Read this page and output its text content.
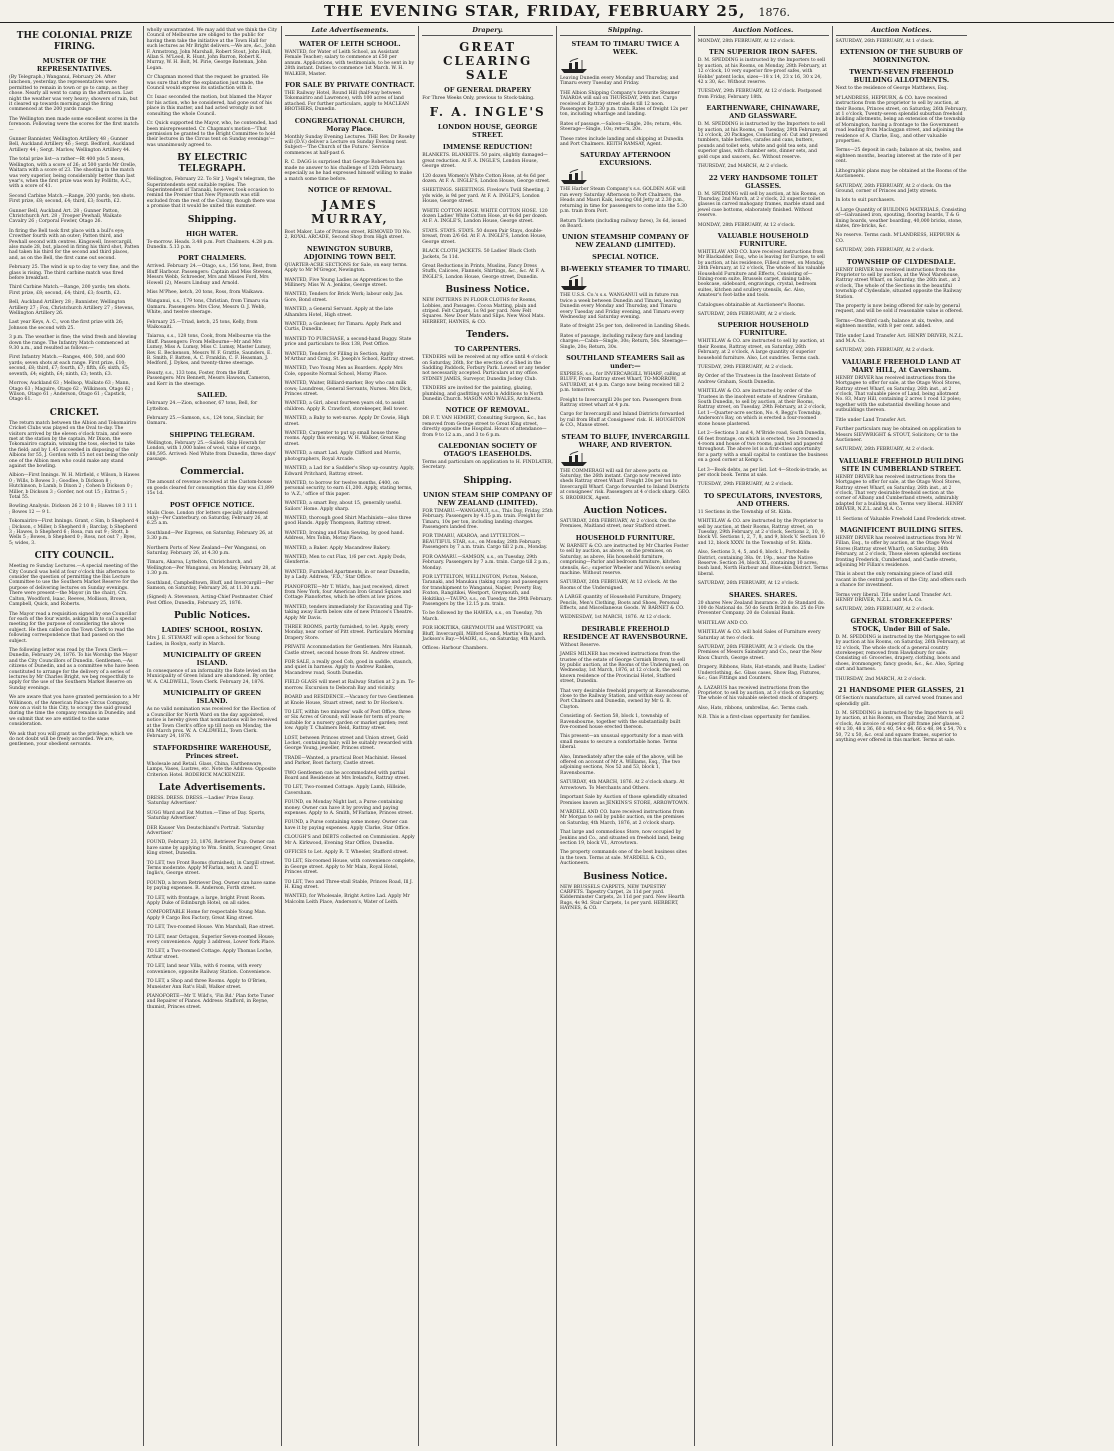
THE EVENING STAR, FRIDAY, FEBRUARY 25, 1876.
THE COLONIAL PRIZE FIRING.
MUSTER OF THE REPRESENTATIVES.
(By Telegraph.) Wanganui, February 24. After luncheon, yesterday, the representatives were permitted to remain in town or go to camp, as they chose. Nearly all went to camp in the afternoon. Last night the weather was very heavy; showers of rain, but it cleared up towards morning and the firing commenced at the 200 yards range.
The Wellington men made some excellent scores in the forenoon. Following were the scores for the first match:—
Gunner Bannister, Wellington Artillery 48 ; Gunner Bell, Auckland Artillery 46 ; Sergt. Bedford, Auckland Artillery 44 ; Sergt. Marlow, Wellington Artillery 44.
The total prize list—a rather—Rt 400 yds 5 moon, Wellington, with a score of 26; at 500 yards Mr Orelle, Waitara with a score of 23. The shooting in the match was very superior, being considerably better than last year's, when the first prize was won by Pollitts, A.C., with a score of 41.
Second Carbine Match.—Range, 200 yards; ten shots. First prize, £8; second, £4; third, £3; fourth, £2.
Gunner Bell, Auckland Art. 28 ; Gunner Patton, Christchurch Art. 28 ; Trooper Pewhall, Waikato Cavalry 26 ; Corporal Fowler, Otago 26.
In firing the Bell took first place with a bull's eye; Crowther fourth with an outer; Patten third, and Pewhall second with centres. Kingswell, Invercargill, also made 28, but, placed in firing his third shot, Patten had taken his third for the second and third places, and, as on the Bell, the first came out second.
February 25. The wind is up to day to very fine, and the glass is rising. The third carbine match was fired before breakfast.
Third Carbine Match.—Range, 200 yards; ten shots. First prize, £8; second, £4; third, £3; fourth, £2.
Bell, Auckland Artillery 28 ; Bannister, Wellington Artillery 27 ; Fox, Christchurch Artillery 27 ; Stevens, Wellington Artillery 26.
Last year Keys, A. C., won the first prize with 26; Johnson the second with 25.
3 p.m. The weather is fine; the wind fresh and blowing down the range. The Infantry Match commenced at 9.30 a.m., and resulted as follows:—
First Infantry Match.—Ranges, 400, 500, and 600 yards; seven shots at each range. First prize, £10; second, £8; third, £7; fourth, £7; fifth, £6; sixth, £5; seventh, £4; eighth, £4; ninth, £3; tenth, £3.
Morrow, Auckland 63 ; Mellsop, Waikato 63 ; Mann, Otago 63 ; Maguire, Otago 62 ; Wilkinson, Otago 62 ; Wilson, Otago 61 ; Anderson, Otago 61 ; Capstick, Otago 61.
CRICKET.
The return match between the Albion and Tokomairiro Cricket Clubs was played on the Oval to-day. The visitors arrived by the eleven o'clock train, and were met at the station by the captain, Mr Dixon, the Tokomairiro captain, winning the toss, elected to take the field; and by 1.45 succeeded in disposing of the Albions for 55, J. Gordon with 15 not out being the only one of the Albion men who could make any stand against the bowling.
Albion—First Innings. W. H. Mirfield, c Wilson, b Hawes 0 ; Wills, b Bowes 3 ; Goodlee, b Dickson 8 ; Hutchinson, b Lamb, b Dixon 2 ; Cohen b Dickson 0 ; Miller, b Dickson 3 ; Gorder, not out 15 ; Extras 5 ; Total 55.
Bowling Analysis. Dickson 26 2 10 8 ; Hawes 18 3 11 1 ; Bowes 12 — 9 1.
Tokomairiro—First Innings. Grant, c Sim, b Shepherd 4 ; Dickson, c Miller, b Shepherd 8 ; Barclay, b Shepherd 3 ; Hawes, b Shepherd 6 ; Rosa, run out 9 ; Stott, b Wells 5 ; Bowes, b Shepherd 0 ; Ross, not out 7 ; Byes, 5; wides, 3.
CITY COUNCIL.
Meeting re Sunday Lectures.—A special meeting of the City Council was held at four o'clock this afternoon to consider the question of permitting the Ibis Lecture Committee to use the Southern Market Reserve for the purpose of delivering lectures on Sunday evenings. There were present—the Mayor (in the chair), Crs. Calton, Woodford, Isaac, Reeves, Mollison, Brown, Campbell, Quick, and Roberts.
The Mayor read a requisition signed by one Councillor for each of the four wards, asking him to call a special meeting for the purpose of considering the above subject. He then called on the Town Clerk to read the following correspondence that had passed on the subject.
The following letter was read by the Town Clerk:— Dunedin, February 24, 1876. To his Worship the Mayor and the City Councillors of Dunedin. Gentlemen,—As citizens of Dunedin, and as a committee who have been constituted to arrange for the delivery of a series of lectures by Mr Charles Bright, we beg respectfully to apply for the use of the Southern Market Reserve on Sunday evenings.
We are aware that you have granted permission to a Mr Wilkinson, of the American Palace Circus Company, now on a visit to this City, to occupy the said ground during the time the company remains in Dunedin; and we submit that we are entitled to the same consideration.
We ask that you will grant us the privilege, which we do not doubt will be freely accorded. We are, gentlemen, your obedient servants.
wholly unwarranted. We may add that we think the City Council of Melbourne are obliged to the public for having them take the initiative at the Town Hall for such lectures as Mr Bright delivers.—We are, &c., John F. Armstrong, John Marshall, Robert Stout, John Hull, Allan S. M'Leod, R. Hunt, John Barron, Robert K. Murray, W. H. Bolt, M. Pirie, George Bateman, John Logan.
Cr Chapman moved that the request be granted. He was sure that after the explanation just made, the Council would express its satisfaction with it.
Cr. Isaac seconded the motion, but blamed the Mayor for his action, who he considered, had gone out of his place in this matter, and had acted wrongly in not consulting the whole Council.
Cr. Quick supported the Mayor, who, he contended, had been misrepresented. Cr. Chapman's motion—'That permission be granted to the Bright Committee to hold their lectures in the Circus tent on Sunday evenings'—was unanimously agreed to.
BY ELECTRIC TELEGRAPH.
Wellington, February 22. To Sir J. Vogel's telegram, the Superintendents sent suitable replies. The Superintendent of Taranaki, however, took occasion to remind the Premier that New Plymouth was still excluded from the rest of the Colony, though there was a promise that it would be united this summer.
Shipping.
HIGH WATER.
To-morrow. Heads. 3.48 p.m. Port Chalmers. 4.28 p.m. Dunedin. 5.13 p.m.
PORT CHALMERS.
Arrived. February 24.—Otago, s.s., 156 tons, Best, from Bluff Harbour. Passengers: Captain and Miss Stevens, Messrs Webb, Schroeder, Mrs and Misses Ford, Mrs Howell (2), Messrs Lindsay and Arnold.
Miss M'Phee, ketch, 20 tons, Ross, from Waikawa.
Wanganui, s.s., 179 tons, Christian, from Timaru via Oamaru. Passengers: Mrs Clow, Messrs O. J. Webb, White, and twelve steerage.
February 25.—Triad, ketch, 25 tons, Kelly, from Waikouaiti.
Taiaroa, s.s., 128 tons, Cook, from Melbourne via the Bluff. Passengers: From Melbourne—Mr and Mrs Lumsy, Miss A. Lumsy, Miss C. Lumsy, Master Lumsy, Rev. E. Beckenson, Messrs W. F. Grattle, Saunders, E. B. Smith, F. Batten, A. C. Franklin, C. F. Heasman, J. Medford, J. Dykes, and twenty-three steerage.
Beauty, s.s., 133 tons, Foster, from the Bluff. Passengers: Mrs Bennett, Messrs Hawson, Cameron, and Kerr in the steerage.
SAILED.
February 24.—Zion, schooner, 67 tons, Bell, for Lyttelton.
February 25.—Samson, s.s., 124 tons, Sinclair, for Oamaru.
SHIPPING TELEGRAM.
Wellington, February 25.—Sailed: Ship Howrah for London, with 1,000 bales of wool, value of cargo, £88,595. Arrived: Ned White from Dunedin, three days' passage.
Commercial.
The amount of revenue received at the Custom-house on goods cleared for consumption this day was £1,899 15s 1d.
POST OFFICE NOTICE.
Mails Close. London (for letters specially addressed only)—Per Canterbury, on Saturday, February 26, at 6.25 a.m.
Southland—Per Express, on Saturday, February 26, at 3.30 p.m.
Northern Ports of New Zealand—Per Wanganui, on Saturday, February 26, at 4.30 p.m.
Timaru, Akaroa, Lyttelton, Christchurch, and Wellington—Per Wanganui, on Monday, February 28, at 1.30 p.m.
Southland, Campbelltown, Bluff, and Invercargill—Per Samson, on Saturday, February 26, at 11.30 a.m.
(Signed) A. Stevenson, Acting-Chief Postmaster. Chief Post Office, Dunedin, February 25, 1876.
Public Notices.
LADIES' SCHOOL, ROSLYN.
Mrs J. E. STEWART will open a School for Young Ladies, in Roslyn, early in March.
MUNICIPALITY OF GREEN ISLAND.
In consequence of an informality the Rate levied on the Municipality of Green Island are abandoned. By order, W. A. CALDWELL, Town Clerk. February 24, 1876.
MUNICIPALITY OF GREEN ISLAND.
As no valid nomination was received for the Election of a Councillor for North Ward on the day appointed, notice is hereby given that nominations will be received at the Town Clerk's office up till noon on Monday, the 6th March prox. W. A. CALDWELL, Town Clerk. February 24, 1876.
STAFFORDSHIRE WAREHOUSE, Princes street.
Wholesale and Retail. Glass, China, Earthenware, Lamps, Vases, Lustres, etc. Note the Address: Opposite Criterion Hotel. RODERICK MACKENZIE.
Late Advertisements.
DRESS. DRESS. DRESS.—Ladies' Prize Essay. 'Saturday Advertiser.'
SUGG Ward and Fat Mutton.—Time of Day. Sports, 'Saturday Advertiser.'
DER Kauser Von Deutschland's Portrait. 'Saturday Advertiser.'
FOUND, February 23, 1876, Retriever Pup. Owner can have same by applying to Wm. Smith, Scavenger, Great King street, Dunedin.
TO LET, two Front Rooms (furnished), in Cargill street. Terms moderate. Apply M'Farlan, next A. and T. Inglis's, George street.
FOUND, a brown Retriever Dog. Owner can have same by paying expenses. R. Anderson, Forth street.
TO LET, with frontage, a large, bright Front Room. Apply Duke of Edinburgh Hotel, on all sides.
COMFORTABLE Home for respectable Young Man. Apply 9 Cargo Box Factory, Great King street.
TO LET, Two-roomed House. Wm Marshall, Rae street.
TO LET, near Octagon, Superior Seven-roomed House; every convenience. Apply 3 address, Lower York Place.
TO LET, a Two-roomed Cottage. Apply Thomas Loche, Arthur street.
TO LET, land near Villa, with 6 rooms, with every convenience, opposite Railway Station. Convenience.
TO LET, a Shop and three Rooms. Apply to O'Brien, Muneister Ann Rat's Hall, Walker street.
PIANOFORTE—Mr T. Wild's, 'Fin Rd.' Plan forte Tuner and Repairer of Pianos. Address: Stafford, in Reyne, thumist, Princes street.
Late Advertisements.
WATER OF LEITH SCHOOL.
WANTED, for Water of Leith School, an Assistant Female Teacher; salary to commence at £50 per annum. Applications, with testimonials, to be sent in by 28th instant. Duties to commence 1st March. W. H. WALKER, Master.
FOR SALE BY PRIVATE CONTRACT.
THE Railway Hotel, Round Hill (half-way between Tokomairiro and Lawrence), with 100 acres of land attached. For further particulars, apply to MACLEAN BROTHERS, Dunedin.
CONGREGATIONAL CHURCH, Moray Place.
Monthly Sunday Evening Lectures. THE Rev. Dr Roseby will (D.V.) deliver a Lecture on Sunday Evening next. Subject—'The Church of the Future.' Service commences at half-past 6.
R. C. DAGG is surprised that George Robertson has made no answer to his challenge of 12th February, especially as he had expressed himself willing to make a match some time before.
NOTICE OF REMOVAL.
JAMES MURRAY,
Boot Maker, Late of Princes street, REMOVED TO No. 2, ROYAL ARCADE, Second Shop from High street.
NEWINGTON SUBURB, ADJOINING TOWN BELT.
QUARTER-ACRE SECTIONS for Sale, on easy terms. Apply to Mr M'Gregor, Newington.
WANTED, Five Young Ladies as Apprentices to the Millinery. Miss W. A. Jenkins, George street.
WANTED, Tenders for Brick Work; labour only. Jas. Gore, Bond street.
WANTED, a General Servant. Apply at the late Alhambra Hotel, High street.
WANTED, a Gardener, for Timaru. Apply Park and Curtis, Dunedin.
WANTED TO PURCHASE, a second-hand Buggy. State price and particulars to Box 138, Post Office.
WANTED, Tenders for Filling in Section. Apply M'Arthur and Craig, St. Joseph's School, Rattray street.
WANTED, Two Young Men as Boarders. Apply Mrs Cole, opposite Normal School, Moray Place.
WANTED, Waiter, Billiard-marker, Boy who can milk cows; Laundress, General Servants, Nurses. Mrs Dick, Princes street.
WANTED, a Girl, about fourteen years old, to assist children. Apply R. Crawford, storekeeper, Bell tower.
WANTED, a Baby to wet-nurse. Apply Dr Cowie, High street.
WANTED, Carpenter to put up small house three rooms. Apply this evening. W. H. Walker, Great King street.
WANTED, a smart Lad. Apply Clifford and Morris, photographers, Royal Arcade.
WANTED, a Lad for a Saddler's Shop up-country. Apply, Edward Pritchard, Rattray street.
WANTED, to borrow for twelve months, £400, on personal security, to earn £1,200. Apply, stating terms, to 'A.Z.,' office of this paper.
WANTED, a smart Boy, about 15, generally useful. Sailors' Home. Apply sharp.
WANTED, thorough good Shirt Machinists—also three good Hands. Apply Thompson, Rattray street.
WANTED, Ironing and Plain Sewing, by good hand. Address, Mrs Tobin, Moray Place.
WANTED, a Baker. Apply Macandrew Bakery.
WANTED, Men to cut Flax, 1/6 per cwt. Apply Dods, Glenferrie.
WANTED, Furnished Apartments, in or near Dunedin, by a Lady. Address, 'F.D.,' Star Office.
PIANOFORTE—Mr T. Wild's, has just received, direct from New York, four American Iron Grand Square and Cottage Pianofortes, which he offers at low prices.
WANTED, tenders immediately for Excavating and Tip-taking away Earth below site of new Princes's Theatre. Apply Mr Davis.
THREE ROOMS, partly furnished, to let. Apply, every Monday, near corner of Pitt street. Particulars Morning Drapery Store.
PRIVATE Accommodation for Gentlemen. Mrs Hannah, Castle street, second house from St. Andrew street.
FOR SALE, a really good Cob, good in saddle, staunch, and quiet in harness. Apply to Andrew Ranken, Macandrew road, South Dunedin.
FIELD GLASS will meet at Railway Station at 2 p.m. To-morrow. Excursion to Deborah Bay and vicinity.
BOARD and RESIDENCE.—Vacancy for two Gentlemen at Knole House, Stuart street, next to Dr Hocken's.
TO LET, within two minutes' walk of Post Office, three or Six Acres of Ground; will lease for term of years; suitable for a nursery garden or market garden; rent low. Apply T. Chalmers Reid, Rattray street.
LOST, between Princes street and Union street, Gold Locket, containing hair; will be suitably rewarded with George Young, jeweller, Princes street.
TRADE—Wanted, a practical Boot Machinist. Hessel and Parker, Boot factory, Castle street.
TWO Gentlemen can be accommodated with partial Board and Residence at Mrs Ireland's, Rattray street.
TO LET, Two-roomed Cottage. Apply Lamb, Hillside, Caversham.
FOUND, on Monday Night last, a Purse containing money. Owner can have it by proving and paying expenses. Apply to A. Smith, M'Farlane, Princes street.
FOUND, a Purse containing some money. Owner can have it by paying expenses. Apply Clarke, Star Office.
CLOUGH'S and DEBTS collected on Commission. Apply Mr A. Kirkwood, Evening Star Office, Dunedin.
OFFICES to Let. Apply R. T. Wheeler, Stafford street.
TO LET, Six-roomed House, with convenience complete, in George street. Apply to Mr Main, Royal Hotel, Princes street.
TO LET, Two and Three-stall Stable, Princes Road, Ill J. H. King street.
WANTED, for Wholesale, Bright Active Lad. Apply Mr Malcolm Leith Place, Anderson's, Water of Leith.
Drapery.
GREAT CLEARING SALE
OF GENERAL DRAPERY
For Three Weeks Only, previous to Stock-taking.
F. A. INGLE'S
LONDON HOUSE, GEORGE STREET.
IMMENSE REDUCTION!
BLANKETS. BLANKETS. 50 pairs, slightly damaged—great reduction. At F. A. INGLE'S, London House, George street.
120 dozen Women's White Cotton Hose, at 4s 6d per dozen. At F. A. INGLE'S, London House, George street.
SHEETINGS. SHEETINGS. Fivelow's Twill Sheeting, 2 yds wide, is 9d per yard. At F. A. INGLE'S, London House, George street.
WHITE COTTON HOSE. WHITE COTTON HOSE. 120 dozen Ladies' White Cotton Hose, at 4s 6d per dozen. At F. A. INGLE'S, London House, George street.
STAYS. STAYS. STAYS. 50 dozen Pair Stays, double-breast, from 2/6 6d. At F. A. INGLE'S, London House, George street.
BLACK CLOTH JACKETS. 50 Ladies' Black Cloth Jackets, 5s 11d.
Great Reductions in Prints, Muslins, Fancy Dress Stuffs, Calicoes, Flannels, Shirtings, &c., &c. At F. A. INGLE'S, London House, George street, Dunedin.
Business Notice.
NEW PATTERNS IN FLOOR CLOTHS for Rooms, Lobbies, and Passages. Cocoa Matting, plain and striped. Felt Carpets, 1s 9d per yard. New Felt Squares. New Door Mats and Slips. New Wool Mats. HERBERT, HAYNES, & CO.
Tenders.
TO CARPENTERS.
TENDERS will be received at my office until 4 o'clock on Saturday, 26th, for the erection of a Shed in the Saddling Paddock, Forbury Park. Lowest or any tender not necessarily accepted. Particulars at my office. SYDNEY JAMES, Surveyor, Dunedin Jockey Club.
TENDERS are invited for the painting, glazing, plumbing, and gasfitting work in Additions to North Dunedin Church. MASON AND WALES, Architects.
NOTICE OF REMOVAL.
DR F. T. VAN HEMERT, Consulting Surgeon, &c., has removed from George street to Great King street, directly opposite the Hospital. Hours of attendance—from 9 to 12 a.m., and 3 to 6 p.m.
CALEDONIAN SOCIETY OF OTAGO'S LEASEHOLDS.
Terms and particulars on application to H. FINDLATER, Secretary.
Shipping.
UNION STEAM SHIP COMPANY OF NEW ZEALAND (LIMITED).
FOR TIMARU.—WANGANUI, s.s., This Day, Friday, 25th February. Passengers by 4.15 p.m. train. Freight for Timaru, 10s per ton, including landing charges. Passengers landed free.
FOR TIMARU, AKAROA, and LYTTELTON.—BEAUTIFUL STAR, s.s., on Monday, 28th February. Passengers by 7 a.m. train. Cargo till 2 p.m., Monday.
FOR OAMARU.—SAMSON, s.s., on Tuesday, 29th February. Passengers by 7 a.m. train. Cargo till 2 p.m., Monday.
FOR LYTTELTON, WELLINGTON, Picton, Nelson, Taranaki, and Manukau (taking cargo and passengers for transhipment to Wanganui, Napier, Poverty Bay, Foxton, Rangitikei, Westport, Greymouth, and Hokitika).—TAUPO, s.s., on Tuesday, the 29th February. Passengers by the 12.15 p.m. train.
To be followed by the HAWEA, s.s., on Tuesday, 7th March.
FOR HOKITIKA, GREYMOUTH and WESTPORT, via Bluff, Invercargill, Milford Sound, Martin's Bay, and Jackson's Bay.—MAORI, s.s., on Saturday, 4th March.
Offices: Harbour Chambers.
Shipping.
STEAM TO TIMARU TWICE A WEEK.
Leaving Dunedin every Monday and Thursday, and Timaru every Tuesday and Friday.
THE Albion Shipping Company's favourite Steamer TAIAROA will sail on THURSDAY, 24th inst. Cargo received at Rattray street sheds till 12 noon. Passengers by 3.30 p.m. train. Rates of freight 12s per ton, including wharfage and landing.
Rates of passage.—Saloon—Single, 20s; return, 40s. Steerage—Single, 10s; return, 20s.
These rates include landing and shipping at Dunedin and Port Chalmers. KEITH RAMSAY, Agent.
SATURDAY AFTERNOON EXCURSIONS.
THE Harbor Steam Company's s.s. GOLDEN AGE will run every Saturday Afternoon to Port Chalmers, the Heads and Maori Kaik, leaving Old Jetty at 2.30 p.m., returning in time for passengers to come into the 5.30 p.m. train from Port.
Return Tickets (including railway fares), 3s 6d, issued on Board.
UNION STEAMSHIP COMPANY OF NEW ZEALAND (LIMITED).
SPECIAL NOTICE.
BI-WEEKLY STEAMER TO TIMARU.
THE U.S.S. Co.'s s.s. WANGANUI will in future run twice a week between Dunedin and Timaru, leaving Dunedin every Monday and Thursday, and Timaru every Tuesday and Friday evening, and Timaru every Wednesday and Saturday evening.
Rate of freight 25s per ton, delivered in Landing Sheds.
Rates of passage, including railway fare and landing charges:—Cabin—Single, 30s; Return, 50s. Steerage—Single, 20s; Return, 30s.
SOUTHLAND STEAMERS Sail as under:—
EXPRESS, s.s., for INVERCARGILL WHARF, calling at BLUFF, From Rattray street Wharf, TO-MORROW, SATURDAY, at 4 p.m. Cargo now being received till 2 p.m. tomorrow.
Freight to Invercargill 20s per ton. Passengers from Rattray street wharf at 4 p.m.
Cargo for Invercargill and Inland Districts forwarded by rail from Bluff at Consignees' risk. H. HOUGHTON & CO., Manse street.
STEAM TO BLUFF, INVERCARGILL WHARF, AND RIVERTON.
THE COMMERAGI will sail for above ports on Saturday, the 26th instant. Cargo now received into sheds Rattray street Wharf. Freight 20s per ton to Invercargill Wharf. Cargo forwarded to Inland Districts at consignees' risk. Passengers at 4 o'clock sharp. GEO. S. BRODRICK, Agent.
Auction Notices.
SATURDAY, 26th FEBRUARY, At 2 o'clock. On the Premises, Maitland street, near Stafford street.
HOUSEHOLD FURNITURE.
W. BARNET & CO. are instructed by Mr Charles Foster to sell by auction, as above, on the premises, on Saturday, as above, His household furniture, comprising—Parlor and bedroom furniture, kitchen utensils, &c.; superior Wheeler and Wilson's sewing machine. Without reserve.
SATURDAY, 26th FEBRUARY, At 12 o'clock. At the Rooms of the Undersigned.
A LARGE quantity of Household Furniture, Drapery, Pencils, Men's Clothing, Boots and Shoes, Personal Effects, and Miscellaneous Goods. W. BARNET & CO.
WEDNESDAY, 1st MARCH, 1876. At 12 o'clock.
DESIRABLE FREEHOLD RESIDENCE AT RAVENSBOURNE.
Without Reserve.
JAMES MILNER has received instructions from the trustee of the estate of George Cornish Brown, to sell by public auction, at the Rooms of the Undersigned, on Wednesday, 1st March, 1876, at 12 o'clock, the well known residence of the Provincial Hotel, Stafford street, Dunedin.
That very desirable freehold property at Ravensbourne, close to the Railway Station, and within easy access of Port Chalmers and Dunedin, owned by Mr G. B. Clayton.
Consisting of: Section 58, block 1, township of Ravensbourne, together with the substantially built five-roomed house erected thereon.
This present—an unusual opportunity for a man with small means to secure a comfortable home. Terms liberal.
Also, Immediately after the sale of the above, will be offered on account of Mr A. Williams, Esq., The two adjoining sections, Nos 52 and 53, block 1, Ravensbourne.
SATURDAY, 4th MARCH, 1876. At 2 o'clock sharp. At Arrowtown. To Merchants and Others.
Important Sale by Auction of those splendidly situated Premises known as JENKINS'S STORE, ARROWTOWN.
M'ARDELL AND CO. have received instructions from Mr Morgan to sell by public auction, on the premises on Saturday, 4th March, 1876, at 2 o'clock sharp.
That large and commodious Store, now occupied by Jenkins and Co., and situated on freehold land, being section 19, block VI., Arrowtown.
The property commands one of the best business sites in the town. Terms at sale. M'ARDELL & CO., Auctioneers.
Business Notice.
NEW BRUSSELS CARPETS, NEW TAPESTRY CARPETS. Tapestry Carpet, 2s 11d per yard. Kidderminster Carpets, 2s 11d per yard. New Hearth Rugs, 4s 9d. Stair Carpets, 1s per yard. HERBERT, HAYNES, & CO.
Auction Notices.
MONDAY, 28th FEBRUARY, At 12 o'clock.
TEN SUPERIOR IRON SAFES.
D. M. SPEDDING is instructed by the Importers to sell by auction, at his Rooms, on Monday, 28th February, at 12 o'clock, 10 very superior fire-proof safes, with Hobbs' patent locks, sizes—18 x 14, 23 x 16, 30 x 24, 42 x 30, &c. Without reserve.
TUESDAY, 29th FEBRUARY, At 12 o'clock. Postponed from Friday, February 18th.
EARTHENWARE, CHINAWARE, AND GLASSWARE.
D. M. SPEDDING is instructed by the Importers to sell by auction, at his Rooms, on Tuesday, 29th February, at 12 o'clock, 20 Packages, Consisting of: Cut and pressed tumblers, table bottles, carafes and cans, butters, pounds and toilet sets, white and gold tea sets, and superior glass, with chamber sets, dinner sets, and gold cups and saucers, &c. Without reserve.
THURSDAY, 2nd MARCH, At 2 o'clock.
22 VERY HANDSOME TOILET GLASSES.
D. M. SPEDDING will sell by auction, at his Rooms, on Thursday, 2nd March, at 2 o'clock, 22 superior toilet glasses in carved mahogany frames, marble stand and jewel case bottoms, elaborately finished. Without reserve.
MONDAY, 28th FEBRUARY, At 12 o'clock.
VALUABLE HOUSEHOLD FURNITURE.
WHITELAW AND CO. have received instructions from Mr Blackadder, Esq., who is leaving for Europe, to sell by auction, at his residence, Filleul street, on Monday, 28th February, at 12 o'clock, The whole of his valuable Household Furniture and Effects, Consisting of—Dining-room suite, Brussels carpet, dining table, bookcase, sideboard, engravings, crystal, bedroom suites, kitchen and scullery utensils, &c. Also, Amateur's foot-lathe and tools.
Catalogues obtainable at Auctioneer's Rooms.
SATURDAY, 26th FEBRUARY, At 2 o'clock.
SUPERIOR HOUSEHOLD FURNITURE.
WHITELAW & CO. are instructed to sell by auction, at their Rooms, Rattray street, on Saturday, 26th February, at 2 o'clock, A large quantity of superior household furniture. Also, Lot sundries. Terms cash.
TUESDAY, 29th FEBRUARY, At 2 o'clock.
By Order of the Trustees in the Insolvent Estate of Andrew Graham, South Dunedin.
WHITELAW & CO. are instructed by order of the Trustees in the insolvent estate of Andrew Graham, South Dunedin, to sell by auction, at their Rooms, Rattray street, on Tuesday, 29th February, at 2 o'clock, Lot 1—Quarter-acre section, No. 4, Begg's Township, Anderson's Bay, on which is erected a four-roomed stone house plastered.
Lot 2—Sections 3 and 4, M'Bride road, South Dunedin, 66 feet frontage, on which is erected, two 2-roomed a 4-room and house of two rooms, painted and papered throughout. The above lot is a first-class opportunity for a party with a small capital to continue the business on a good corner at Kemp's.
Lot 3—Book debts, as per list. Lot 4—Stock-in-trade, as per stock book. Terms at sale.
TUESDAY, 29th FEBRUARY, At 2 o'clock.
TO SPECULATORS, INVESTORS, AND OTHERS.
11 Sections in the Township of St. Kilda.
WHITELAW & CO. are instructed by the Proprietor to sell by auction, at their Rooms, Rattray street, on Tuesday, 29th February, at 2 o'clock, Sections 2, 10, 9, block VI. Sections 1, 2, 7, 8, and 9, block V. Section 10 and 12, block XXXV. In the Township of St. Kilda.
Also, Sections 3, 4, 5, and 6, block I., Portobello District, containing 38a. 0r. 19p., near the Native Reserve. Section 34, block XI., containing 10 acres, bush land, North Harbour and Blue-skin District. Terms liberal.
SATURDAY, 26th FEBRUARY, At 12 o'clock.
SHARES. SHARES.
20 shares New Zealand Insurance. 20 do Standard do. 100 do National do. 50 do South British do. 25 do Fire Preventer Company. 20 do Colonial Bank.
WHITELAW AND CO.
WHITELAW & CO. will hold Sales of Furniture every Saturday at two o'clock.
SATURDAY, 26th FEBRUARY, At 3 o'clock. On the Premises of Messrs Sainsbury and Co., near the New Knox Church, George street.
Drapery, Ribbons, Hats, Hat-stands, and Busts; Ladies' Underclothing, &c. Glass cases, Show Bag, Fixtures, &c.; Gas Fittings and Counters.
A. LAZARUS has received instructions from the Proprietor, to sell by auction, at 3 o'clock on Saturday, The whole of his valuable selected stock of drapery.
Also, Hats, ribbons, umbrellas, &c. Terms cash.
N.B. This is a first-class opportunity for families.
Auction Notices.
SATURDAY, 26th FEBRUARY, At 1 o'clock.
EXTENSION OF THE SUBURB OF MORNINGTON.
TWENTY-SEVEN FREEHOLD BUILDING ALLOTMENTS.
Next to the residence of George Matthews, Esq.
M'LANDRESS, HEPBURN, & CO. have received instructions from the proprietor to sell by auction, at their Rooms, Princes street, on Saturday, 26th February, at 1 o'clock, Twenty-seven splendid suburban freehold building allotments, being an extension of the township of Mornington, having a frontage to the Government road leading from Maclaggan street, and adjoining the residence of A. Clarke, Esq., and other valuable properties.
Terms—25 deposit in cash; balance at six, twelve, and eighteen months, bearing interest at the rate of 8 per cent.
Lithographic plans may be obtained at the Rooms of the Auctioneers.
SATURDAY, 26th FEBRUARY, At 2 o'clock. On the Ground, corner of Princes and Jetty streets.
In lots to suit purchasers.
A Large Quantity of BUILDING MATERIALS, Consisting of—Galvanised iron, spouting, flooring boards, T & G lining boards, weather boarding, 40,000 bricks, stone, slates, fire-bricks, &c.
No reserve. Terms cash. M'LANDRESS, HEPBURN & CO.
SATURDAY, 26th FEBRUARY, At 2 o'clock.
TOWNSHIP OF CLYDESDALE.
HENRY DRIVER has received instructions from the Proprietor to sell by auction, at the Wool Warehouse, Rattray street Wharf, on Saturday, the 26th inst., at 2 o'clock, The whole of the Sections in the beautiful township of Clydesdale, situated opposite the Railway Station.
The property is now being offered for sale by general request, and will be sold if reasonable value is offered.
Terms—One-third cash; balance at six, twelve, and eighteen months, with 8 per cent. added.
Title under Land Transfer Act. HENRY DRIVER, N.Z.L. and M.A. Co.
SATURDAY, 26th FEBRUARY, At 2 o'clock.
VALUABLE FREEHOLD LAND AT MARY HILL, At Caversham.
HENRY DRIVER has received instructions from the Mortgagee to offer for sale, at the Otago Wool Stores, Rattray street Wharf, on Saturday, 26th inst., at 2 o'clock, That valuable piece of Land, being allotment No. 83, Mary Hill, containing 2 acres 1 rood 12 poles; together with the substantial dwelling house and outbuildings thereon.
Title under Land Transfer Act.
Further particulars may be obtained on application to Messrs SIEVWRIGHT & STOUT, Solicitors; Or to the Auctioneer.
SATURDAY, 26th FEBRUARY, At 2 o'clock.
VALUABLE FREEHOLD BUILDING SITE IN CUMBERLAND STREET.
HENRY DRIVER has received instructions from the Mortgagee to offer for sale, at the Otago Wool Stores, Rattray street Wharf, on Saturday, 26th inst., at 2 o'clock, That very desirable freehold section at the corner of Albany and Cumberland streets, admirably adapted for a building site. Terms very liberal. HENRY DRIVER, N.Z.L. and M.A. Co.
11 Sections of Valuable Freehold Land Frederick street.
MAGNIFICENT BUILDING SITES.
HENRY DRIVER has received instructions from Mr W. Fillan, Esq., to offer by auction, at the Otago Wool Stores (Rattray street Wharf), on Saturday, 26th February, at 2 o'clock, Those eleven splendid sections fronting Frederick, Cumberland, and Castle streets, adjoining Mr Fillan's residence.
This is about the only remaining piece of land still vacant in the central portion of the City, and offers such a chance for investment.
Terms very liberal. Title under Land Transfer Act. HENRY DRIVER, N.Z.L. and M.A. Co.
SATURDAY, 26th FEBRUARY, At 2 o'clock.
GENERAL STOREKEEPERS' STOCK, Under Bill of Sale.
D. M. SPEDDING is instructed by the Mortgagee to sell by auction at his Rooms, on Saturday, 26th February, at 12 o'clock, The whole stock of a general country storekeeper, removed from Hawksbury for sale. Consisting of: Groceries, drapery, clothing, boots and shoes, ironmongery, fancy goods, &c., &c. Also, Spring cart and harness.
THURSDAY, 2nd MARCH, At 2 o'clock.
21 HANDSOME PIER GLASSES, 21
Of Section's manufacture, all carved wood frames and splendidly gilt.
D. M. SPEDDING is instructed by the Importers to sell by auction, at his Rooms, on Thursday, 2nd March, at 2 o'clock, An invoice of superior gilt frame pier glasses, 40 x 30, 48 x 36, 60 x 40, 54 x 44, 66 x 48, 84 x 54, 70 x 50, 72 x 50, &c. oval and square frames, superior to anything ever offered in this market. Terms at sale.
